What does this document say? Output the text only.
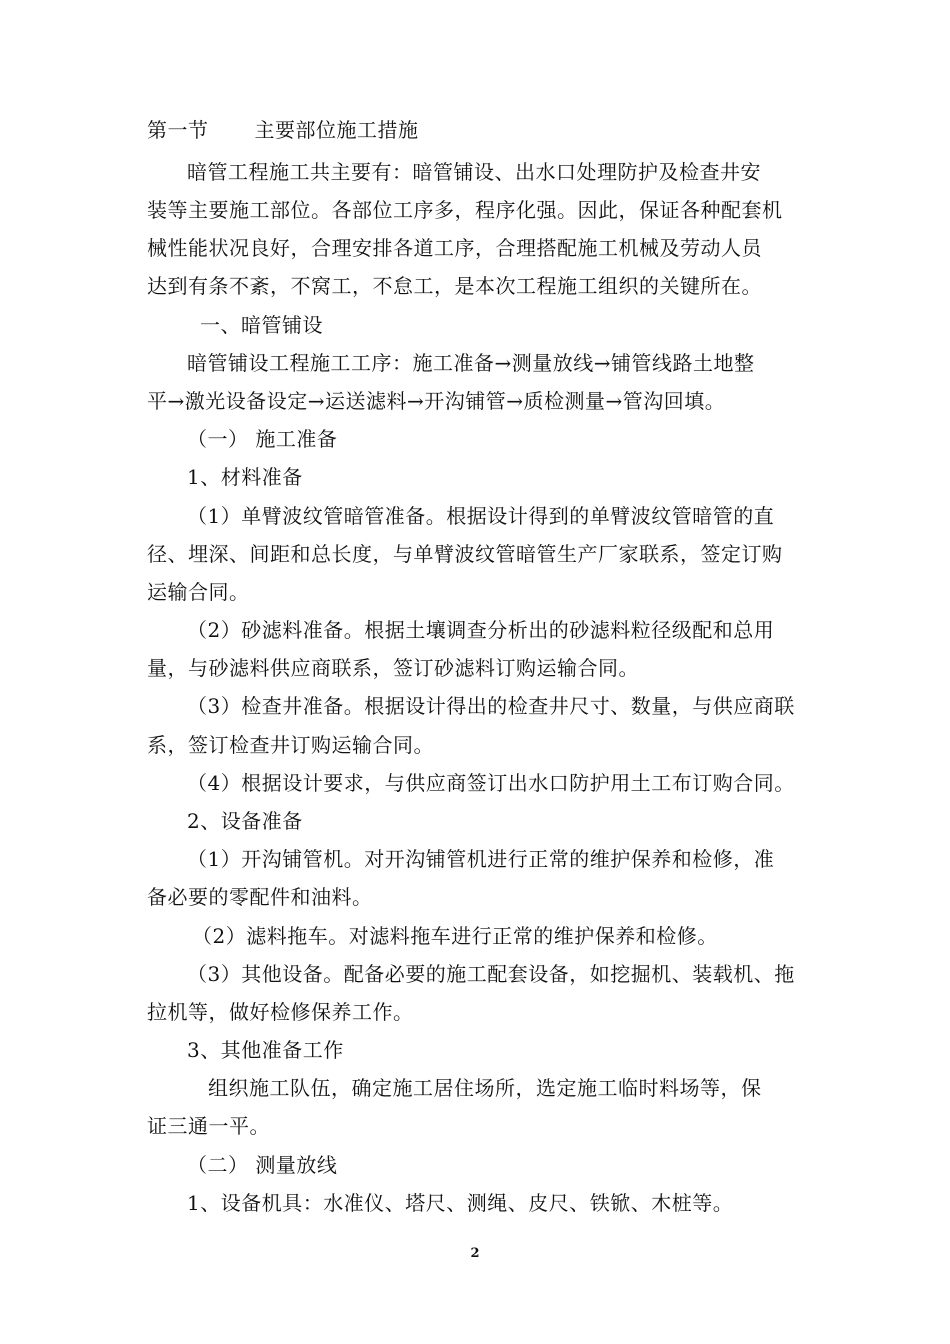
第一节 主要部位施工措施
暗管工程施工共主要有：暗管铺设、出水口处理防护及检查井安
装等主要施工部位。各部位工序多，程序化强。因此，保证各种配套机
械性能状况良好，合理安排各道工序，合理搭配施工机械及劳动人员
达到有条不紊，不窝工，不怠工，是本次工程施工组织的关键所在。
一、暗管铺设
暗管铺设工程施工工序：施工准备→测量放线→铺管线路土地整
平→激光设备设定→运送滤料→开沟铺管→质检测量→管沟回填。
（一） 施工准备
1、材料准备
（1）单臂波纹管暗管准备。根据设计得到的单臂波纹管暗管的直
径、埋深、间距和总长度，与单臂波纹管暗管生产厂家联系，签定订购
运输合同。
（2）砂滤料准备。根据土壤调查分析出的砂滤料粒径级配和总用
量，与砂滤料供应商联系，签订砂滤料订购运输合同。
（3）检查井准备。根据设计得出的检查井尺寸、数量，与供应商联
系，签订检查井订购运输合同。
（4）根据设计要求，与供应商签订出水口防护用土工布订购合同。
2、设备准备
（1）开沟铺管机。对开沟铺管机进行正常的维护保养和检修，准
备必要的零配件和油料。
（2）滤料拖车。对滤料拖车进行正常的维护保养和检修。
（3）其他设备。配备必要的施工配套设备，如挖掘机、装载机、拖
拉机等，做好检修保养工作。
3、其他准备工作
组织施工队伍，确定施工居住场所，选定施工临时料场等，保
证三通一平。
（二） 测量放线
1、设备机具：水准仪、塔尺、测绳、皮尺、铁锨、木桩等。
2
